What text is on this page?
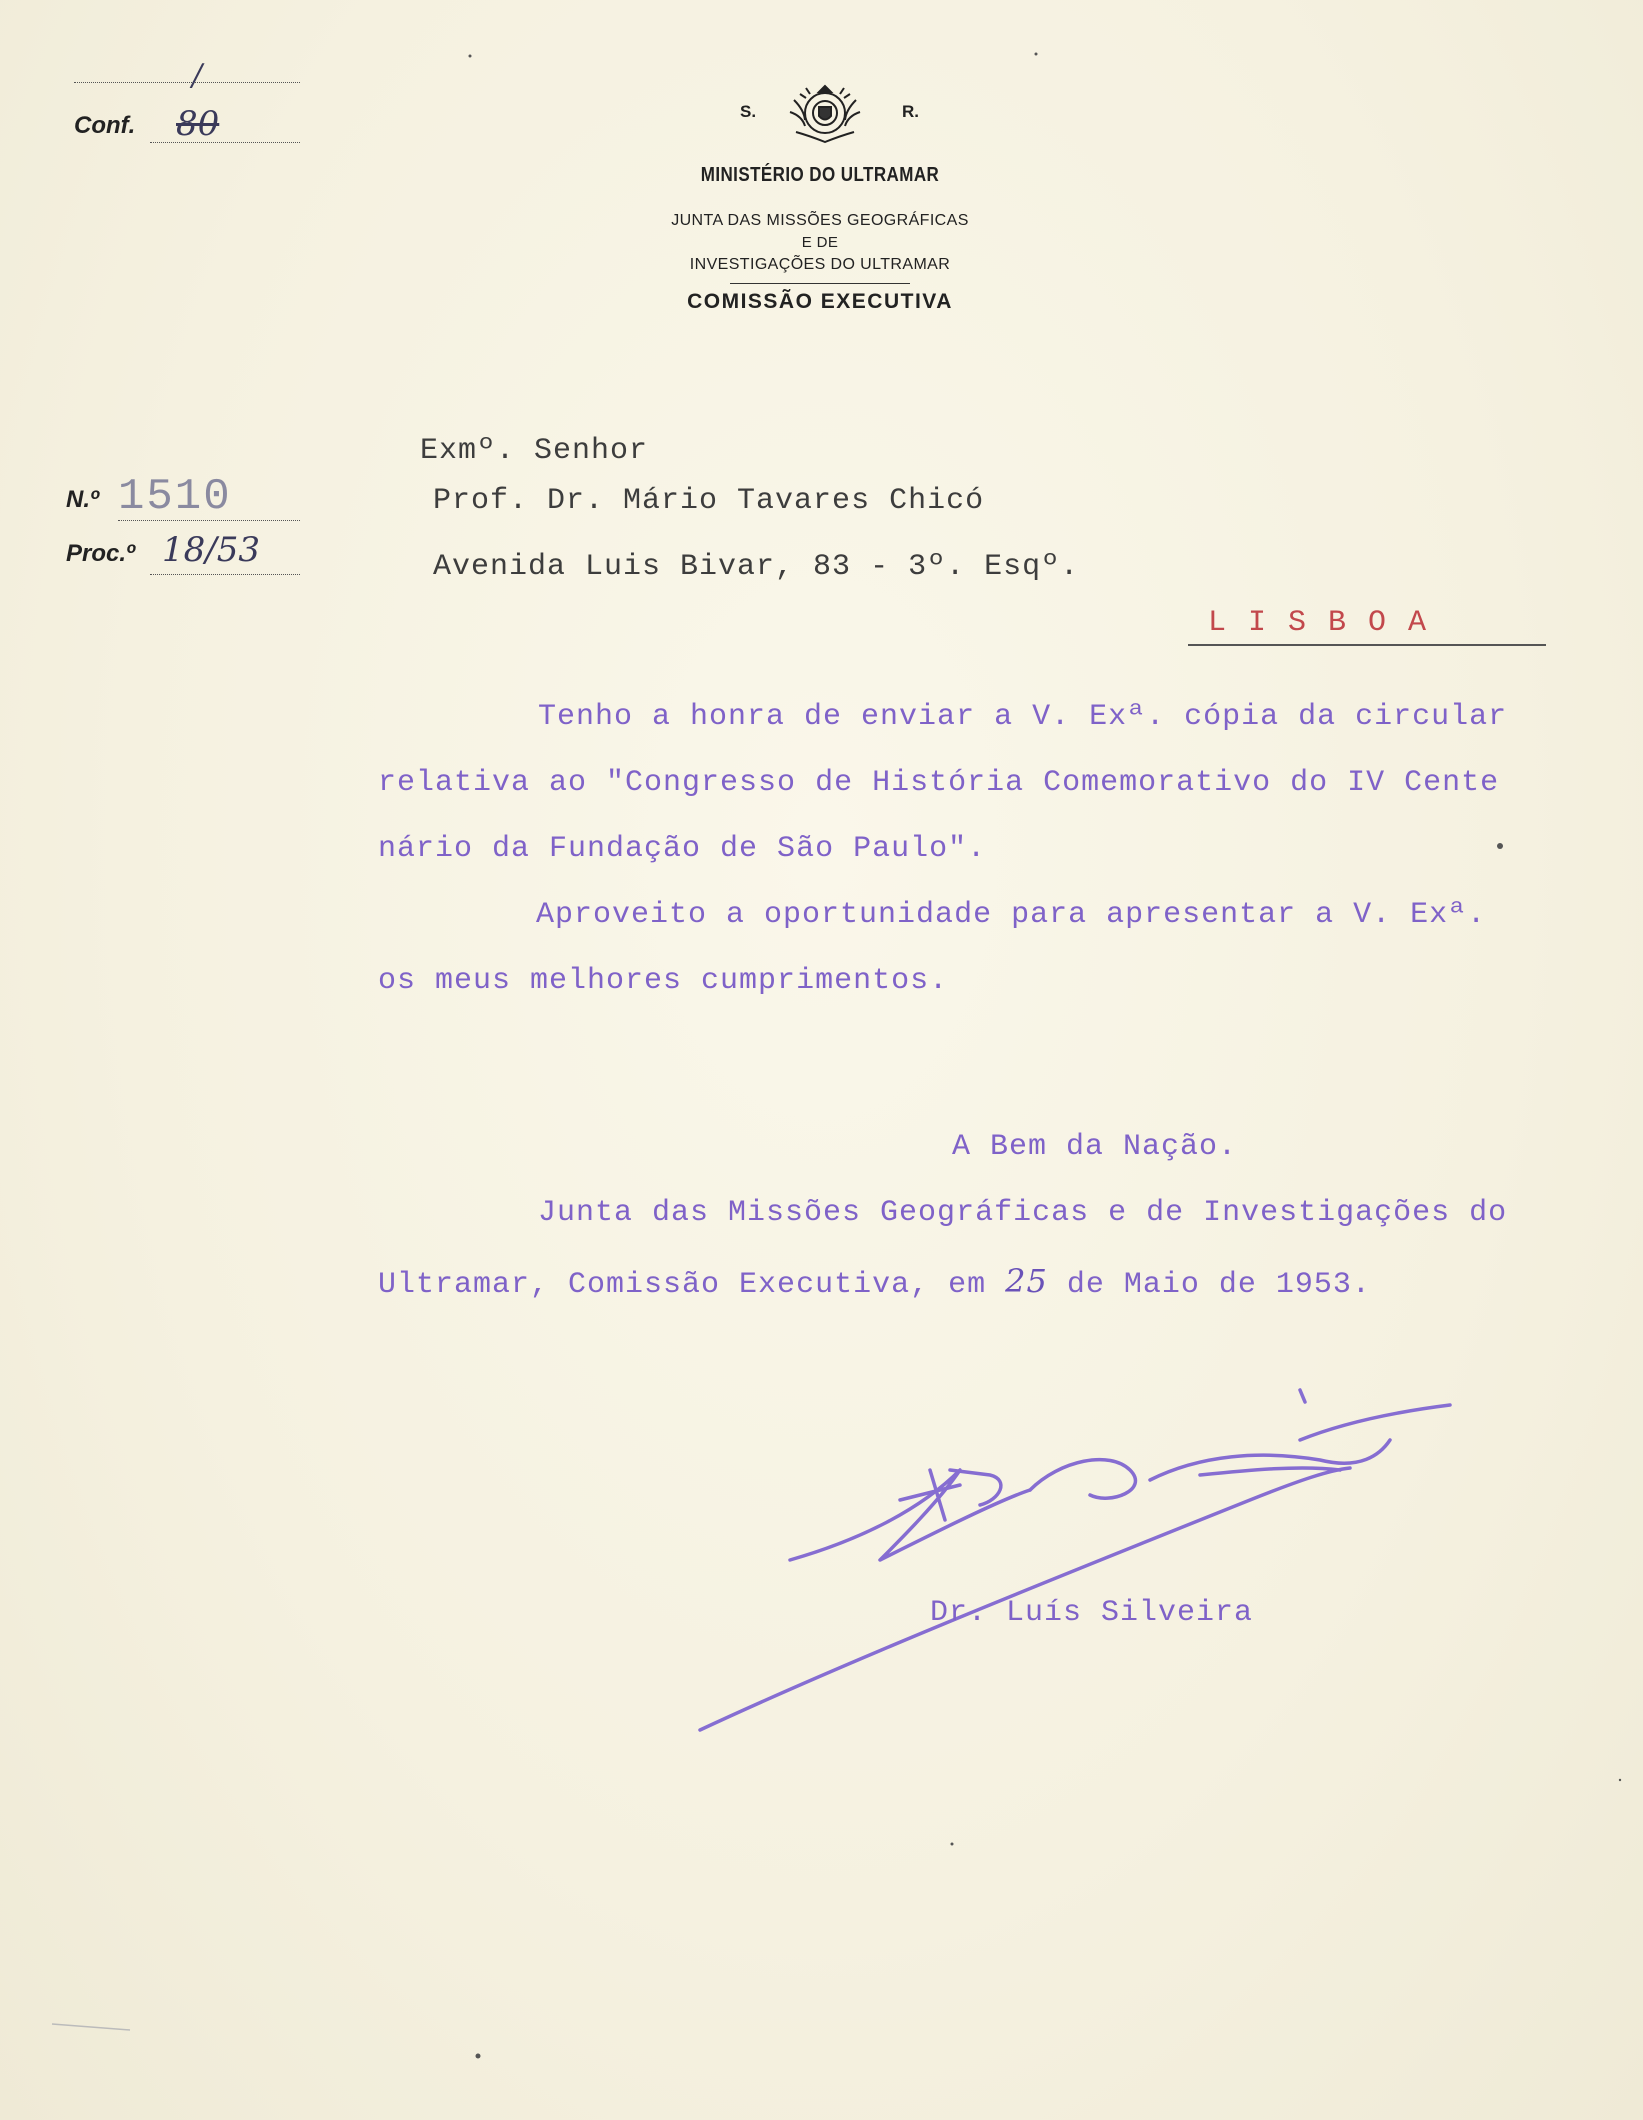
S.	R.
MINISTÉRIO DO ULTRAMAR
JUNTA DAS MISSÕES GEOGRÁFICAS
E DE
INVESTIGAÇÕES DO ULTRAMAR
COMISSÃO EXECUTIVA
/
Conf. 80
N.º 1510
Proc.º 18/53
Exmº. Senhor
Prof. Dr. Mário Tavares Chicó
Avenida Luis Bivar, 83 - 3º. Esqº.
LISBOA
Tenho a honra de enviar a V. Exª. cópia da circular
relativa ao "Congresso de História Comemorativo do IV Cente
nário da Fundação de São Paulo".
Aproveito a oportunidade para apresentar a V. Exª.
os meus melhores cumprimentos.
A Bem da Nação.
Junta das Missões Geográficas e de Investigações do
Ultramar, Comissão Executiva, em 25 de Maio de 1953.
Dr. Luís Silveira
